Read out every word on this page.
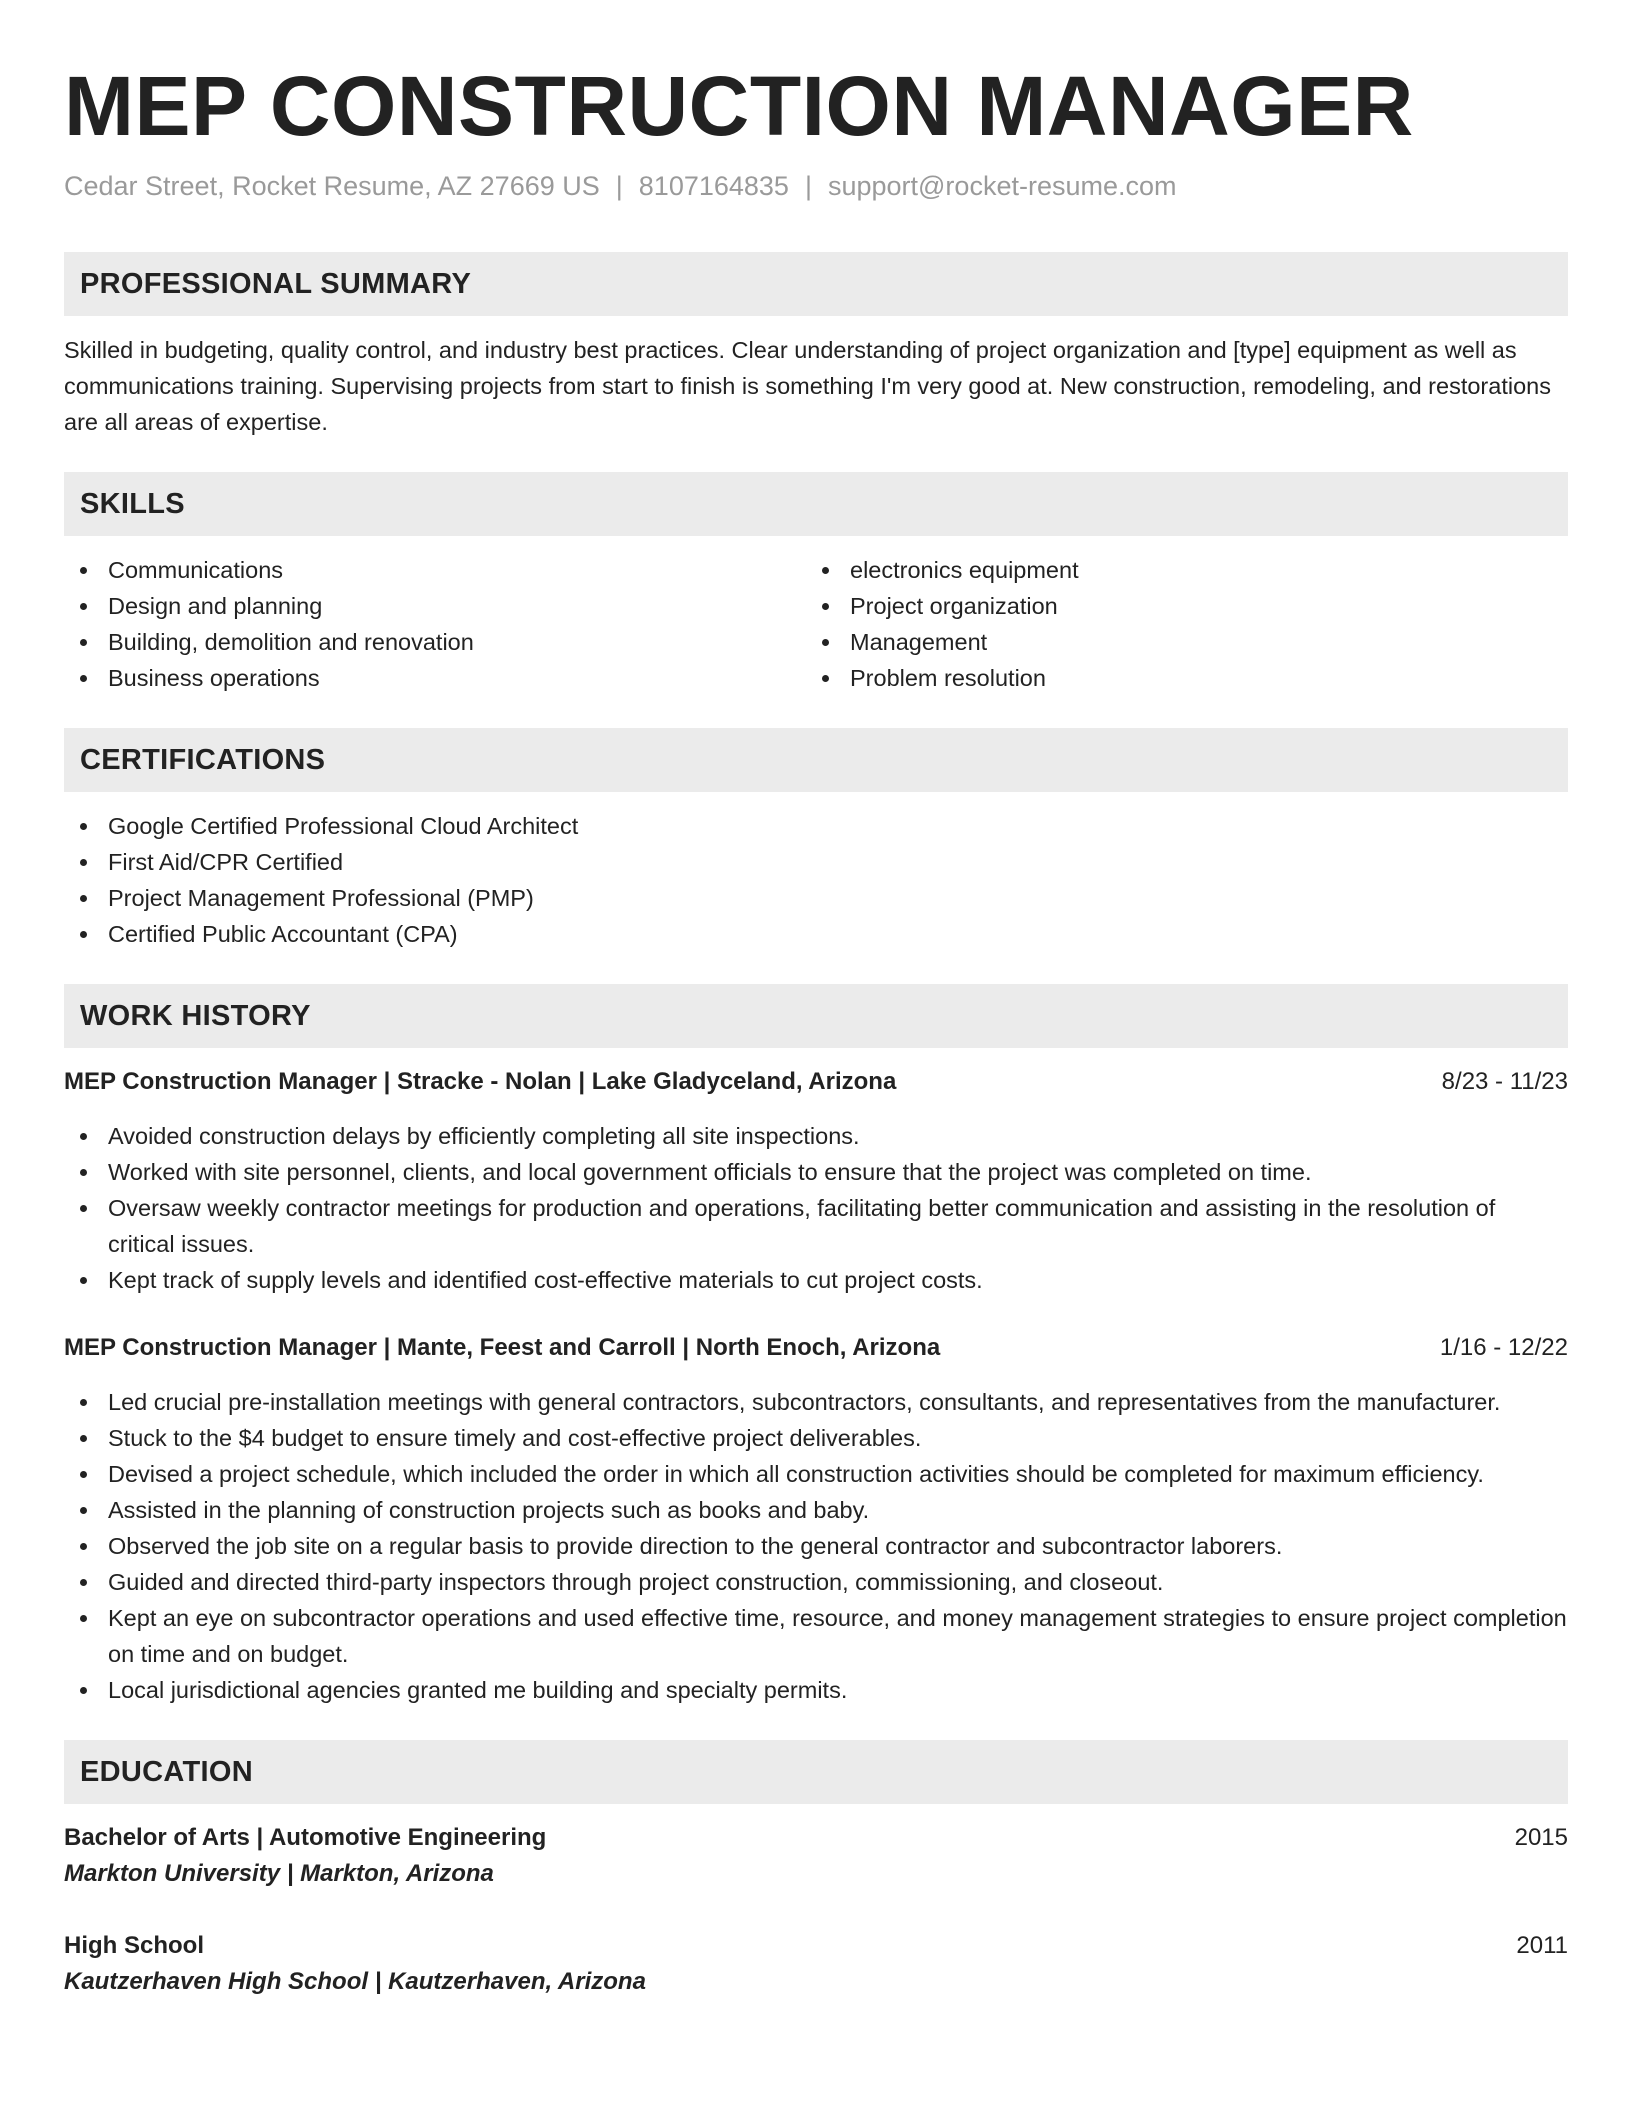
MEP CONSTRUCTION MANAGER
Cedar Street, Rocket Resume, AZ 27669 US | 8107164835 | support@rocket-resume.com
PROFESSIONAL SUMMARY

Skilled in budgeting, quality control, and industry best practices. Clear understanding of project organization and [type] equipment as well as communications training. Supervising projects from start to finish is something I'm very good at. New construction, remodeling, and restorations are all areas of expertise.

SKILLS
Communications
Design and planning
Building, demolition and renovation
Business operations
electronics equipment
Project organization
Management
Problem resolution
CERTIFICATIONS
Google Certified Professional Cloud Architect
First Aid/CPR Certified
Project Management Professional (PMP)
Certified Public Accountant (CPA)
WORK HISTORY
MEP Construction Manager | Stracke - Nolan | Lake Gladyceland, Arizona	8/23 - 11/23
Avoided construction delays by efficiently completing all site inspections.
Worked with site personnel, clients, and local government officials to ensure that the project was completed on time.
Oversaw weekly contractor meetings for production and operations, facilitating better communication and assisting in the resolution of critical issues.
Kept track of supply levels and identified cost-effective materials to cut project costs.
MEP Construction Manager | Mante, Feest and Carroll | North Enoch, Arizona	1/16 - 12/22
Led crucial pre-installation meetings with general contractors, subcontractors, consultants, and representatives from the manufacturer.
Stuck to the $4 budget to ensure timely and cost-effective project deliverables.
Devised a project schedule, which included the order in which all construction activities should be completed for maximum efficiency.
Assisted in the planning of construction projects such as books and baby.
Observed the job site on a regular basis to provide direction to the general contractor and subcontractor laborers.
Guided and directed third-party inspectors through project construction, commissioning, and closeout.
Kept an eye on subcontractor operations and used effective time, resource, and money management strategies to ensure project completion on time and on budget.
Local jurisdictional agencies granted me building and specialty permits.
EDUCATION
Bachelor of Arts | Automotive Engineering	2015
Markton University | Markton, Arizona
High School	2011
Kautzerhaven High School | Kautzerhaven, Arizona
